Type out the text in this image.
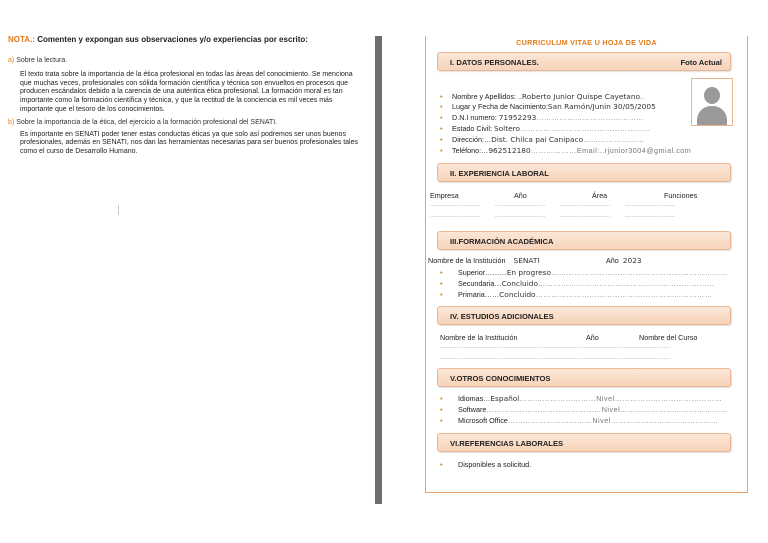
NOTA.: Comenten y expongan sus observaciones y/o experiencias por escrito:
a) Sobre la lectura.
El texto trata sobre la importancia de la ética profesional en todas las áreas del conocimiento. Se menciona que muchas veces, profesionales con sólida formación científica y técnica son envueltos en procesos que producen escándalos debido a la carencia de una auténtica ética profesional. La formación moral es tan importante como la formación científica y técnica, y que la rectitud de la conciencia es mil veces más importante que el tesoro de los conocimientos.
b) Sobre la importancia de la ética, del ejercicio a la formación profesional del SENATI.
Es importante en SENATI poder tener estas conductas éticas ya que solo así podremos ser unos buenos profesionales, además en SENATI, nos dan las herramientas necesarias para ser buenos profesionales tales como el curso de Desarrollo Humano.
CURRICULUM VITAE U HOJA DE VIDA
I. DATOS PERSONALES.	Foto Actual
• Nombre y Apellidos: ..Roberto Junior Quispe Cayetano..
• Lugar y Fecha de Nacimiento:San Ramón/Junin 30/05/2005
• D.N.I numero: 71952293……………………………………
• Estado Civil: Soltero……………………………………………
• Dirección:…Dist. Chilca pai Canipaco……………………
• Teléfono:…962512180………………Email:..rjunior3004@gmial.com
II. EXPERIENCIA LABORAL
Empresa	Año	Área	Funciones
..............................         ..............................         ..............................         ..............................
..............................         ..............................         ..............................         ..............................
III.FORMACIÓN ACADÉMICA
Nombre de la Institución SENATI	Año 2023
• Superior………En progreso……………………………………………………………
• Secundaria…Concluido……………………………………………………………
• Primaria……Concluido……………………………………………………………
IV. ESTUDIOS ADICIONALES
Nombre de la Institución	Año	Nombre del Curso
..........................................................................................................................................
..........................................................................................................................................
V.OTROS CONOCIMIENTOS
• Idiomas…Español…………………………Nivel……………………………………
• Software………………………………………Nivel……………………………………
• Microsoft Office……………………………Nivel……………………………………
VI.REFERENCIAS LABORALES
• Disponibles a solicitud.
